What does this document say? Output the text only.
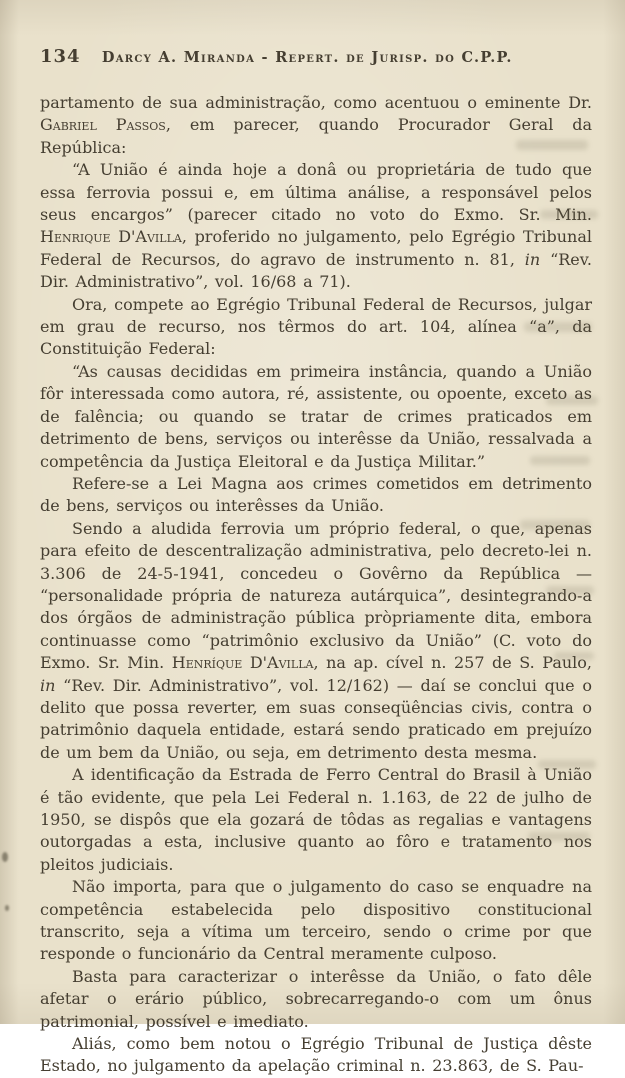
134	Darcy A. Miranda - Repert. de Jurisp. do C.P.P.

partamento de sua administração, como acentuou o eminente Dr. Gabriel Passos, em parecer, quando Procurador Geral da República:

“A União é ainda hoje a donâ ou proprietária de tudo que essa ferrovia possui e, em última análise, a responsável pelos seus encargos” (parecer citado no voto do Exmo. Sr. Min. Henrique D'Avilla, proferido no julgamento, pelo Egrégio Tribunal Federal de Recursos, do agravo de instrumento n. 81, in “Rev. Dir. Administrativo”, vol. 16/68 a 71).

Ora, compete ao Egrégio Tribunal Federal de Recursos, julgar em grau de recurso, nos têrmos do art. 104, alínea “a”, da Constituição Federal:

“As causas decididas em primeira instância, quando a União fôr interessada como autora, ré, assistente, ou opoente, exceto as de falência; ou quando se tratar de crimes praticados em detrimento de bens, serviços ou interêsse da União, ressalvada a competência da Justiça Eleitoral e da Justiça Militar.”

Refere-se a Lei Magna aos crimes cometidos em detrimento de bens, serviços ou interêsses da União.

Sendo a aludida ferrovia um próprio federal, o que, apenas para efeito de descentralização administrativa, pelo decreto-lei n. 3.306 de 24-5-1941, concedeu o Govêrno da República — “personalidade própria de natureza autárquica”, desintegrando-a dos órgãos de administração pública pròpriamente dita, embora continuasse como “patrimônio exclusivo da União” (C. voto do Exmo. Sr. Min. Henríque D'Avilla, na ap. cível n. 257 de S. Paulo, in “Rev. Dir. Administrativo”, vol. 12/162) — daí se conclui que o delito que possa reverter, em suas conseqüências civis, contra o patrimônio daquela entidade, estará sendo praticado em prejuízo de um bem da União, ou seja, em detrimento desta mesma.

A identificação da Estrada de Ferro Central do Brasil à União é tão evidente, que pela Lei Federal n. 1.163, de 22 de julho de 1950, se dispôs que ela gozará de tôdas as regalias e vantagens outorgadas a esta, inclusive quanto ao fôro e tratamento nos pleitos judiciais.

Não importa, para que o julgamento do caso se enquadre na competência estabelecida pelo dispositivo constitucional transcrito, seja a vítima um terceiro, sendo o crime por que responde o funcionário da Central meramente culposo.

Basta para caracterizar o interêsse da União, o fato dêle afetar o erário público, sobrecarregando-o com um ônus patrimonial, possível e imediato.

Aliás, como bem notou o Egrégio Tribunal de Justiça dêste Estado, no julgamento da apelação criminal n. 23.863, de S. Pau-
